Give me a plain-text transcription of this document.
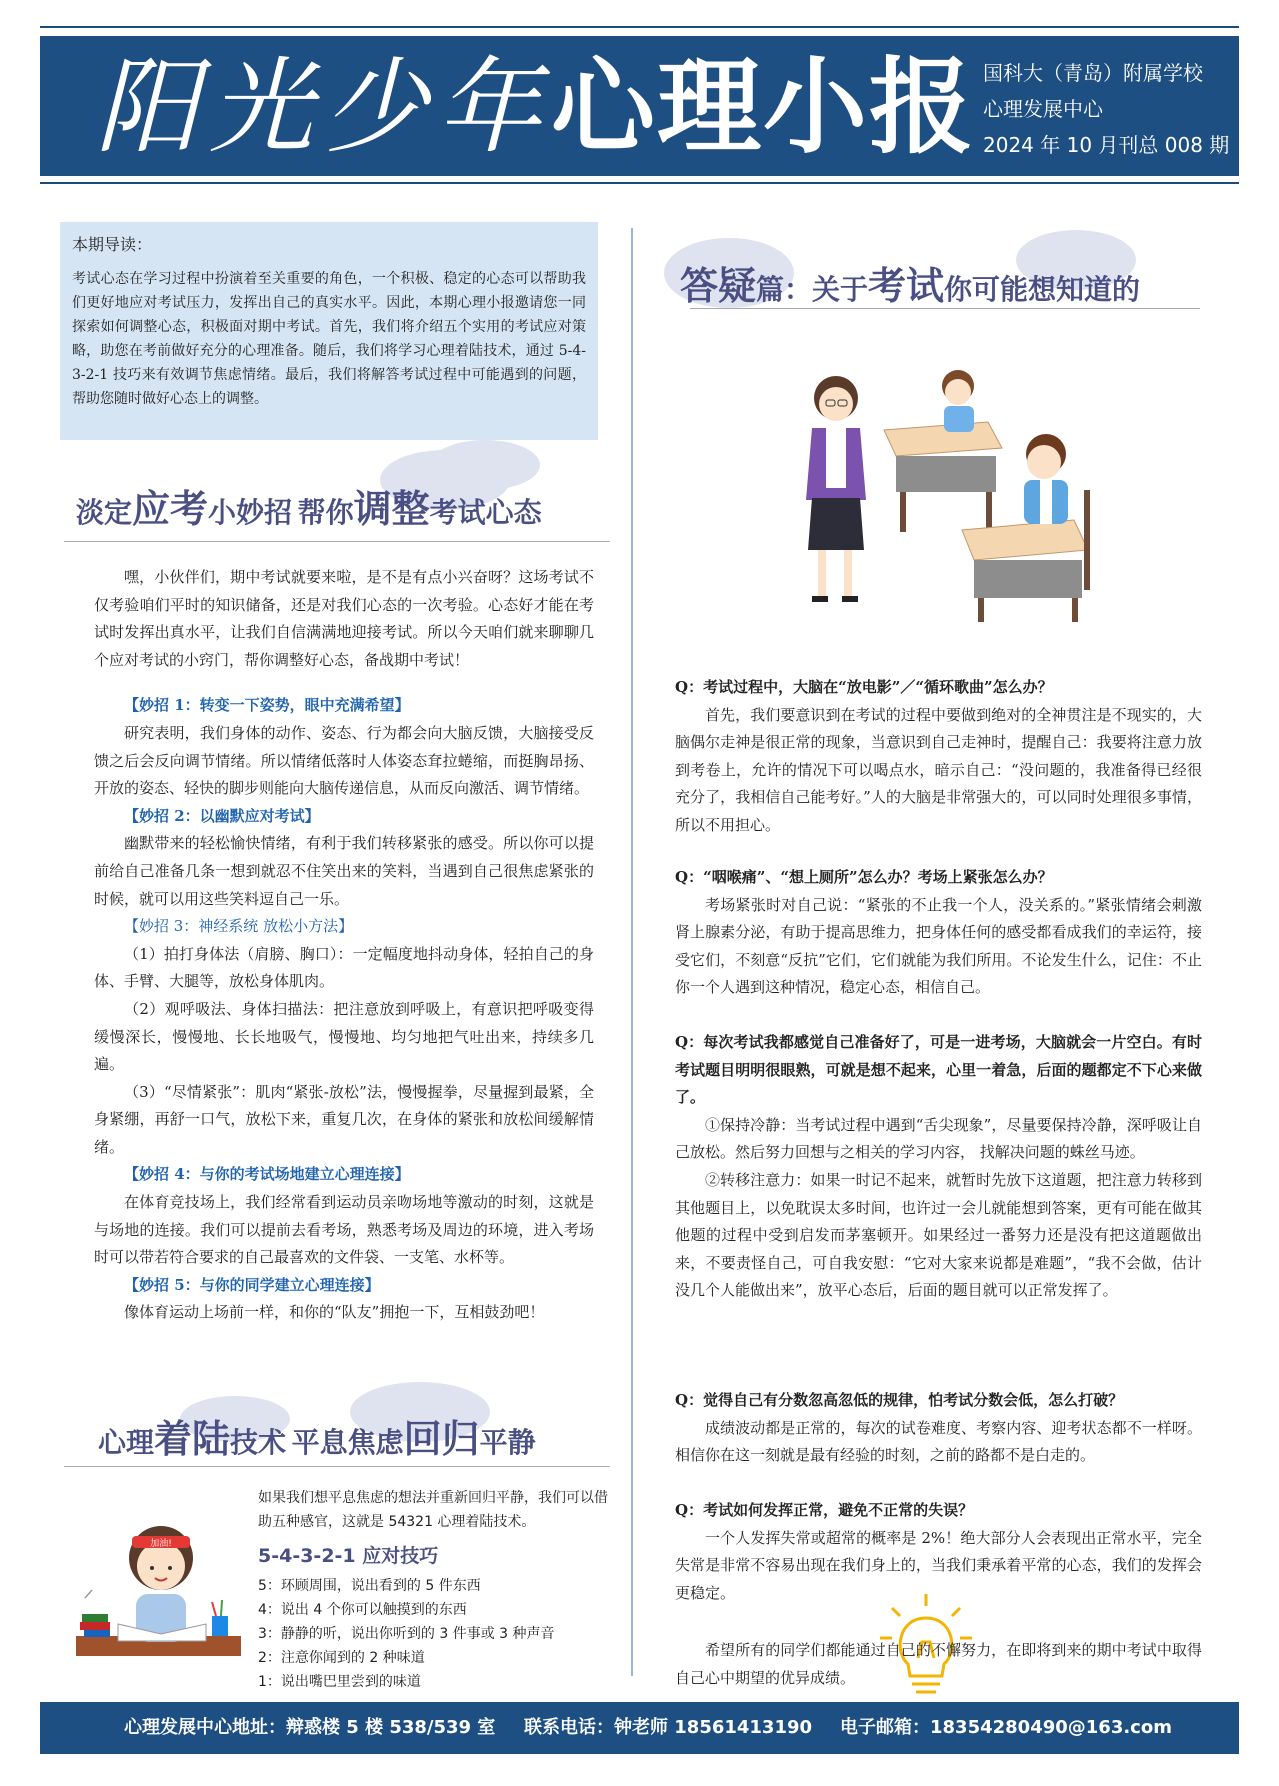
阳光少年心理小报 国科大（青岛）附属学校
心理发展中心
2024 年 10 月刊总 008 期
本期导读：
考试心态在学习过程中扮演着至关重要的角色，一个积极、稳定的心态可以帮助我们更好地应对考试压力，发挥出自己的真实水平。因此，本期心理小报邀请您一同探索如何调整心态，积极面对期中考试。首先，我们将介绍五个实用的考试应对策略，助您在考前做好充分的心理准备。随后，我们将学习心理着陆技术，通过 5-4-3-2-1 技巧来有效调节焦虑情绪。最后，我们将解答考试过程中可能遇到的问题，帮助您随时做好心态上的调整。
淡定应考小妙招 帮你调整考试心态

嘿，小伙伴们，期中考试就要来啦，是不是有点小兴奋呀？这场考试不仅考验咱们平时的知识储备，还是对我们心态的一次考验。心态好才能在考试时发挥出真水平，让我们自信满满地迎接考试。所以今天咱们就来聊聊几个应对考试的小窍门，帮你调整好心态，备战期中考试！

【妙招 1：转变一下姿势，眼中充满希望】

研究表明，我们身体的动作、姿态、行为都会向大脑反馈，大脑接受反馈之后会反向调节情绪。所以情绪低落时人体姿态耷拉蜷缩，而挺胸昂扬、开放的姿态、轻快的脚步则能向大脑传递信息，从而反向激活、调节情绪。

【妙招 2：以幽默应对考试】

幽默带来的轻松愉快情绪，有利于我们转移紧张的感受。所以你可以提前给自己准备几条一想到就忍不住笑出来的笑料，当遇到自己很焦虑紧张的时候，就可以用这些笑料逗自己一乐。

【妙招 3：神经系统 放松小方法】

（1）拍打身体法（肩膀、胸口）：一定幅度地抖动身体，轻拍自己的身体、手臂、大腿等，放松身体肌肉。

（2）观呼吸法、身体扫描法：把注意放到呼吸上，有意识把呼吸变得缓慢深长，慢慢地、长长地吸气，慢慢地、均匀地把气吐出来，持续多几遍。

（3）“尽情紧张”：肌肉“紧张-放松”法，慢慢握拳，尽量握到最紧，全身紧绷，再舒一口气，放松下来，重复几次，在身体的紧张和放松间缓解情绪。

【妙招 4：与你的考试场地建立心理连接】

在体育竞技场上，我们经常看到运动员亲吻场地等激动的时刻，这就是与场地的连接。我们可以提前去看考场，熟悉考场及周边的环境，进入考场时可以带若符合要求的自己最喜欢的文件袋、一支笔、水杯等。

【妙招 5：与你的同学建立心理连接】

像体育运动上场前一样，和你的“队友”拥抱一下，互相鼓劲吧！

心理着陆技术 平息焦虑回归平静
加油!
如果我们想平息焦虑的想法并重新回归平静，我们可以借助五种感官，这就是 54321 心理着陆技术。
5-4-3-2-1 应对技巧
5：环顾周围，说出看到的 5 件东西
4：说出 4 个你可以触摸到的东西
3：静静的听，说出你听到的 3 件事或 3 种声音
2：注意你闻到的 2 种味道
1：说出嘴巴里尝到的味道
答疑篇：关于考试你可能想知道的
Q：考试过程中，大脑在“放电影”／“循环歌曲”怎么办？

首先，我们要意识到在考试的过程中要做到绝对的全神贯注是不现实的，大脑偶尔走神是很正常的现象，当意识到自己走神时，提醒自己：我要将注意力放到考卷上，允许的情况下可以喝点水，暗示自己：“没问题的，我准备得已经很充分了，我相信自己能考好。”人的大脑是非常强大的，可以同时处理很多事情，所以不用担心。

Q：“咽喉痛”、“想上厕所”怎么办？考场上紧张怎么办？

考场紧张时对自己说：“紧张的不止我一个人，没关系的。”紧张情绪会刺激肾上腺素分泌，有助于提高思维力，把身体任何的感受都看成我们的幸运符，接受它们，不刻意“反抗”它们，它们就能为我们所用。不论发生什么，记住：不止你一个人遇到这种情况，稳定心态，相信自己。

Q：每次考试我都感觉自己准备好了，可是一进考场，大脑就会一片空白。有时考试题目明明很眼熟，可就是想不起来，心里一着急，后面的题都定不下心来做了。

①保持冷静：当考试过程中遇到“舌尖现象”，尽量要保持冷静，深呼吸让自己放松。然后努力回想与之相关的学习内容， 找解决问题的蛛丝马迹。

②转移注意力：如果一时记不起来，就暂时先放下这道题，把注意力转移到其他题目上，以免耽误太多时间，也许过一会儿就能想到答案，更有可能在做其他题的过程中受到启发而茅塞顿开。如果经过一番努力还是没有把这道题做出来，不要责怪自己，可自我安慰：“它对大家来说都是难题”，“我不会做，估计没几个人能做出来”，放平心态后，后面的题目就可以正常发挥了。

Q：觉得自己有分数忽高忽低的规律，怕考试分数会低，怎么打破？

成绩波动都是正常的，每次的试卷难度、考察内容、迎考状态都不一样呀。相信你在这一刻就是最有经验的时刻，之前的路都不是白走的。

Q：考试如何发挥正常，避免不正常的失误？

一个人发挥失常或超常的概率是 2%！绝大部分人会表现出正常水平，完全失常是非常不容易出现在我们身上的，当我们秉承着平常的心态，我们的发挥会更稳定。

希望所有的同学们都能通过自己的不懈努力，在即将到来的期中考试中取得自己心中期望的优异成绩。

心理发展中心地址：辩惑楼 5 楼 538/539 室 联系电话：钟老师 18561413190 电子邮箱：18354280490@163.com
